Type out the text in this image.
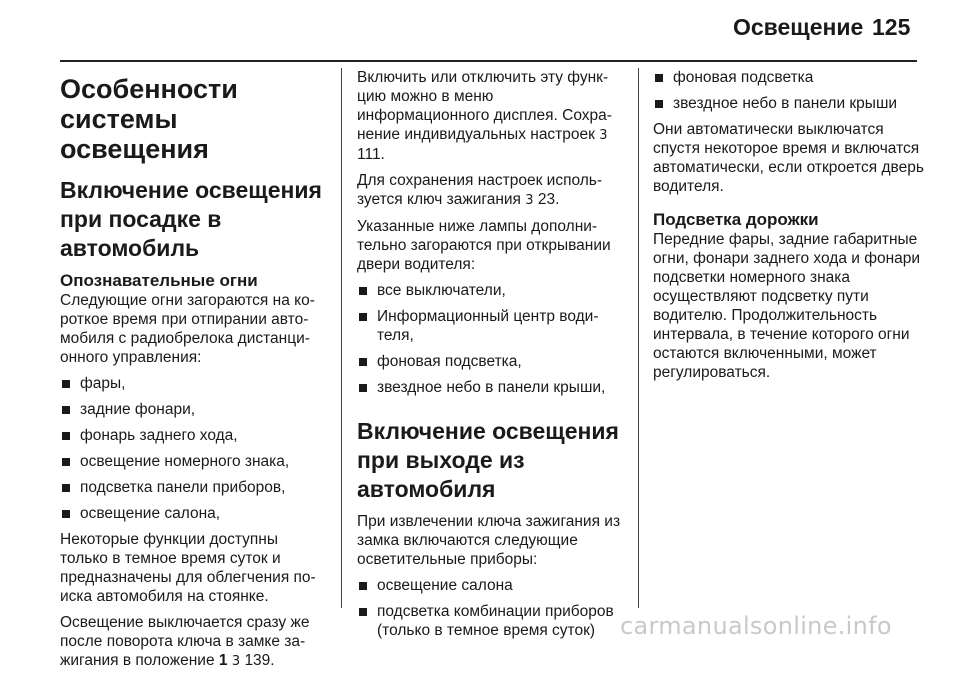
Освещение 125
Особенности системы освещения
Включение освещения при посадке в автомобиль
Опознавательные огни

Следующие огни загораются на короткое время при отпирании автомобиля с радиобрелока дистанционного управления:

фары,
задние фонари,
фонарь заднего хода,
освещение номерного знака,
подсветка панели приборов,
освещение салона,

Некоторые функции доступны только в темное время суток и предназначены для облегчения поиска автомобиля на стоянке.

Освещение выключается сразу же после поворота ключа в замке зажигания в положение 1 3 139.

Включить или отключить эту функцию можно в меню информационного дисплея. Сохранение индивидуальных настроек 3 111.

Для сохранения настроек используется ключ зажигания 3 23.

Указанные ниже лампы дополнительно загораются при открывании двери водителя:

все выключатели,
Информационный центр водителя,
фоновая подсветка,
звездное небо в панели крыши,
Включение освещения при выходе из автомобиля

При извлечении ключа зажигания из замка включаются следующие осветительные приборы:

освещение салона
подсветка комбинации приборов (только в темное время суток)
фоновая подсветка
звездное небо в панели крыши

Они автоматически выключатся спустя некоторое время и включатся автоматически, если откроется дверь водителя.

Подсветка дорожки

Передние фары, задние габаритные огни, фонари заднего хода и фонари подсветки номерного знака осуществляют подсветку пути водителю. Продолжительность интервала, в течение которого огни остаются включенными, может регулироваться.

carmanualsonline.info
